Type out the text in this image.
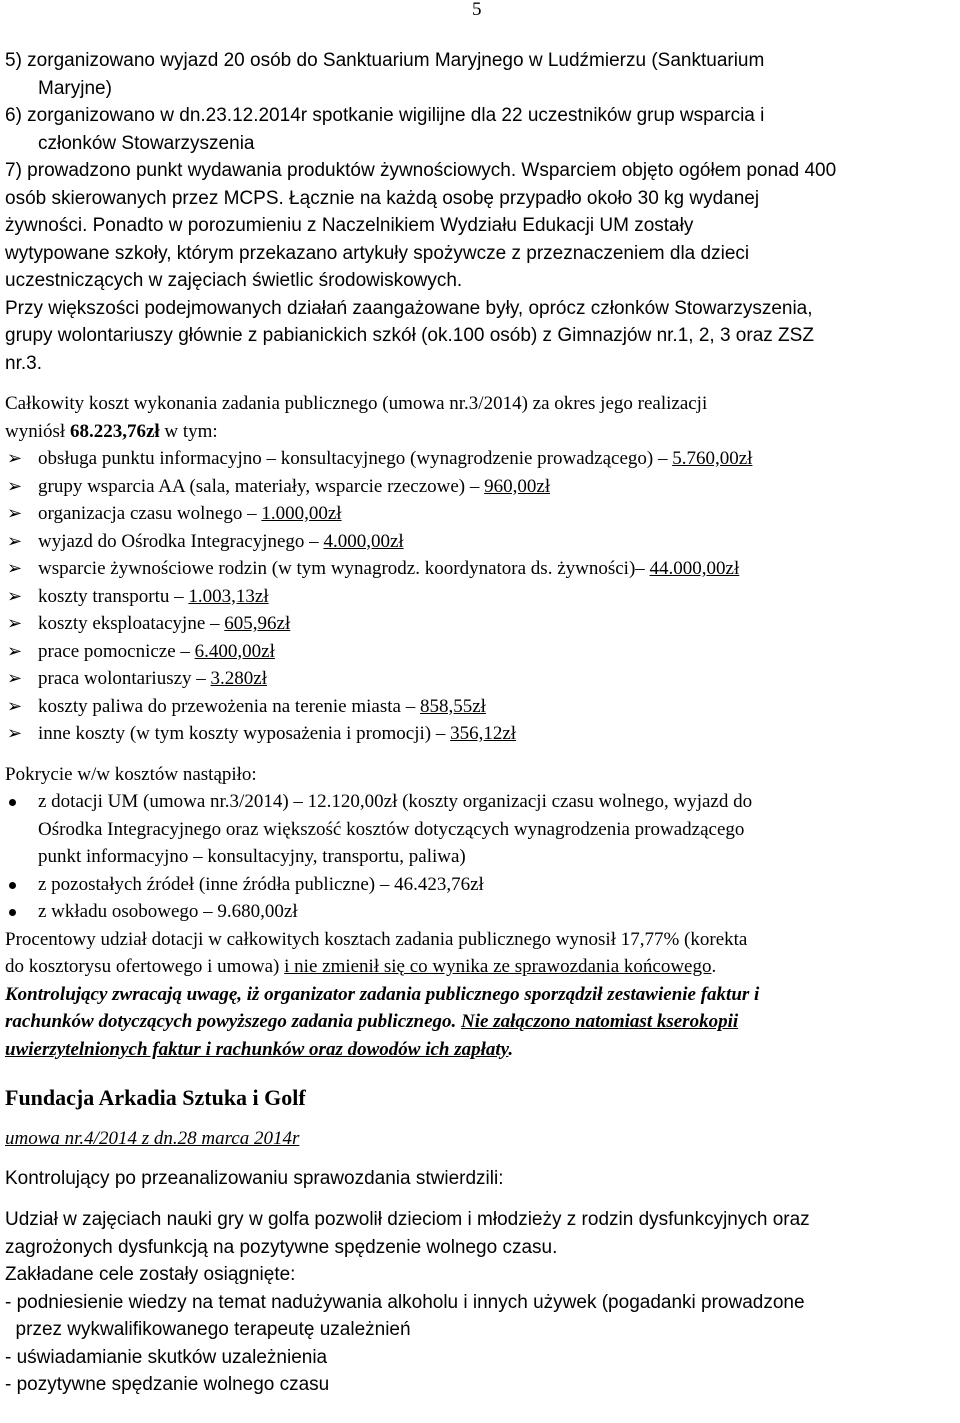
5
5) zorganizowano wyjazd 20 osób do Sanktuarium Maryjnego w Ludźmierzu (Sanktuarium
Maryjne)
6) zorganizowano w dn.23.12.2014r spotkanie wigilijne dla 22 uczestników grup wsparcia i
członków Stowarzyszenia
7) prowadzono punkt wydawania produktów żywnościowych. Wsparciem objęto ogółem ponad 400
osób skierowanych przez MCPS. Łącznie na każdą osobę przypadło około 30 kg wydanej
żywności. Ponadto w porozumieniu z Naczelnikiem Wydziału Edukacji UM zostały
wytypowane szkoły, którym przekazano artykuły spożywcze z przeznaczeniem dla dzieci
uczestniczących w zajęciach świetlic środowiskowych.
Przy większości podejmowanych działań zaangażowane były, oprócz członków Stowarzyszenia,
grupy wolontariuszy głównie z pabianickich szkół (ok.100 osób) z Gimnazjów nr.1, 2, 3 oraz ZSZ
nr.3.
Całkowity koszt wykonania zadania publicznego (umowa nr.3/2014) za okres jego realizacji
wyniósł 68.223,76zł w tym:
➢ obsługa punktu informacyjno – konsultacyjnego (wynagrodzenie prowadzącego) – 5.760,00zł
➢ grupy wsparcia AA (sala, materiały, wsparcie rzeczowe) – 960,00zł
➢ organizacja czasu wolnego – 1.000,00zł
➢ wyjazd do Ośrodka Integracyjnego – 4.000,00zł
➢ wsparcie żywnościowe rodzin (w tym wynagrodz. koordynatora ds. żywności)– 44.000,00zł
➢ koszty transportu – 1.003,13zł
➢ koszty eksploatacyjne – 605,96zł
➢ prace pomocnicze – 6.400,00zł
➢ praca wolontariuszy – 3.280zł
➢ koszty paliwa do przewożenia na terenie miasta – 858,55zł
➢ inne koszty (w tym koszty wyposażenia i promocji) – 356,12zł
Pokrycie w/w kosztów nastąpiło:
z dotacji UM (umowa nr.3/2014) – 12.120,00zł (koszty organizacji czasu wolnego, wyjazd do
Ośrodka Integracyjnego oraz większość kosztów dotyczących wynagrodzenia prowadzącego
punkt informacyjno – konsultacyjny, transportu, paliwa)
z pozostałych źródeł (inne źródła publiczne) – 46.423,76zł
z wkładu osobowego – 9.680,00zł
Procentowy udział dotacji w całkowitych kosztach zadania publicznego wynosił 17,77% (korekta
do kosztorysu ofertowego i umowa) i nie zmienił się co wynika ze sprawozdania końcowego.
Kontrolujący zwracają uwagę, iż organizator zadania publicznego sporządził zestawienie faktur i
rachunków dotyczących powyższego zadania publicznego. Nie załączono natomiast kserokopii
uwierzytelnionych faktur i rachunków oraz dowodów ich zapłaty.
Fundacja Arkadia Sztuka i Golf
umowa nr.4/2014 z dn.28 marca 2014r
Kontrolujący po przeanalizowaniu sprawozdania stwierdzili:
Udział w zajęciach nauki gry w golfa pozwolił dzieciom i młodzieży z rodzin dysfunkcyjnych oraz
zagrożonych dysfunkcją na pozytywne spędzenie wolnego czasu.
Zakładane cele zostały osiągnięte:
- podniesienie wiedzy na temat nadużywania alkoholu i innych używek (pogadanki prowadzone
przez wykwalifikowanego terapeutę uzależnień
- uświadamianie skutków uzależnienia
- pozytywne spędzanie wolnego czasu
